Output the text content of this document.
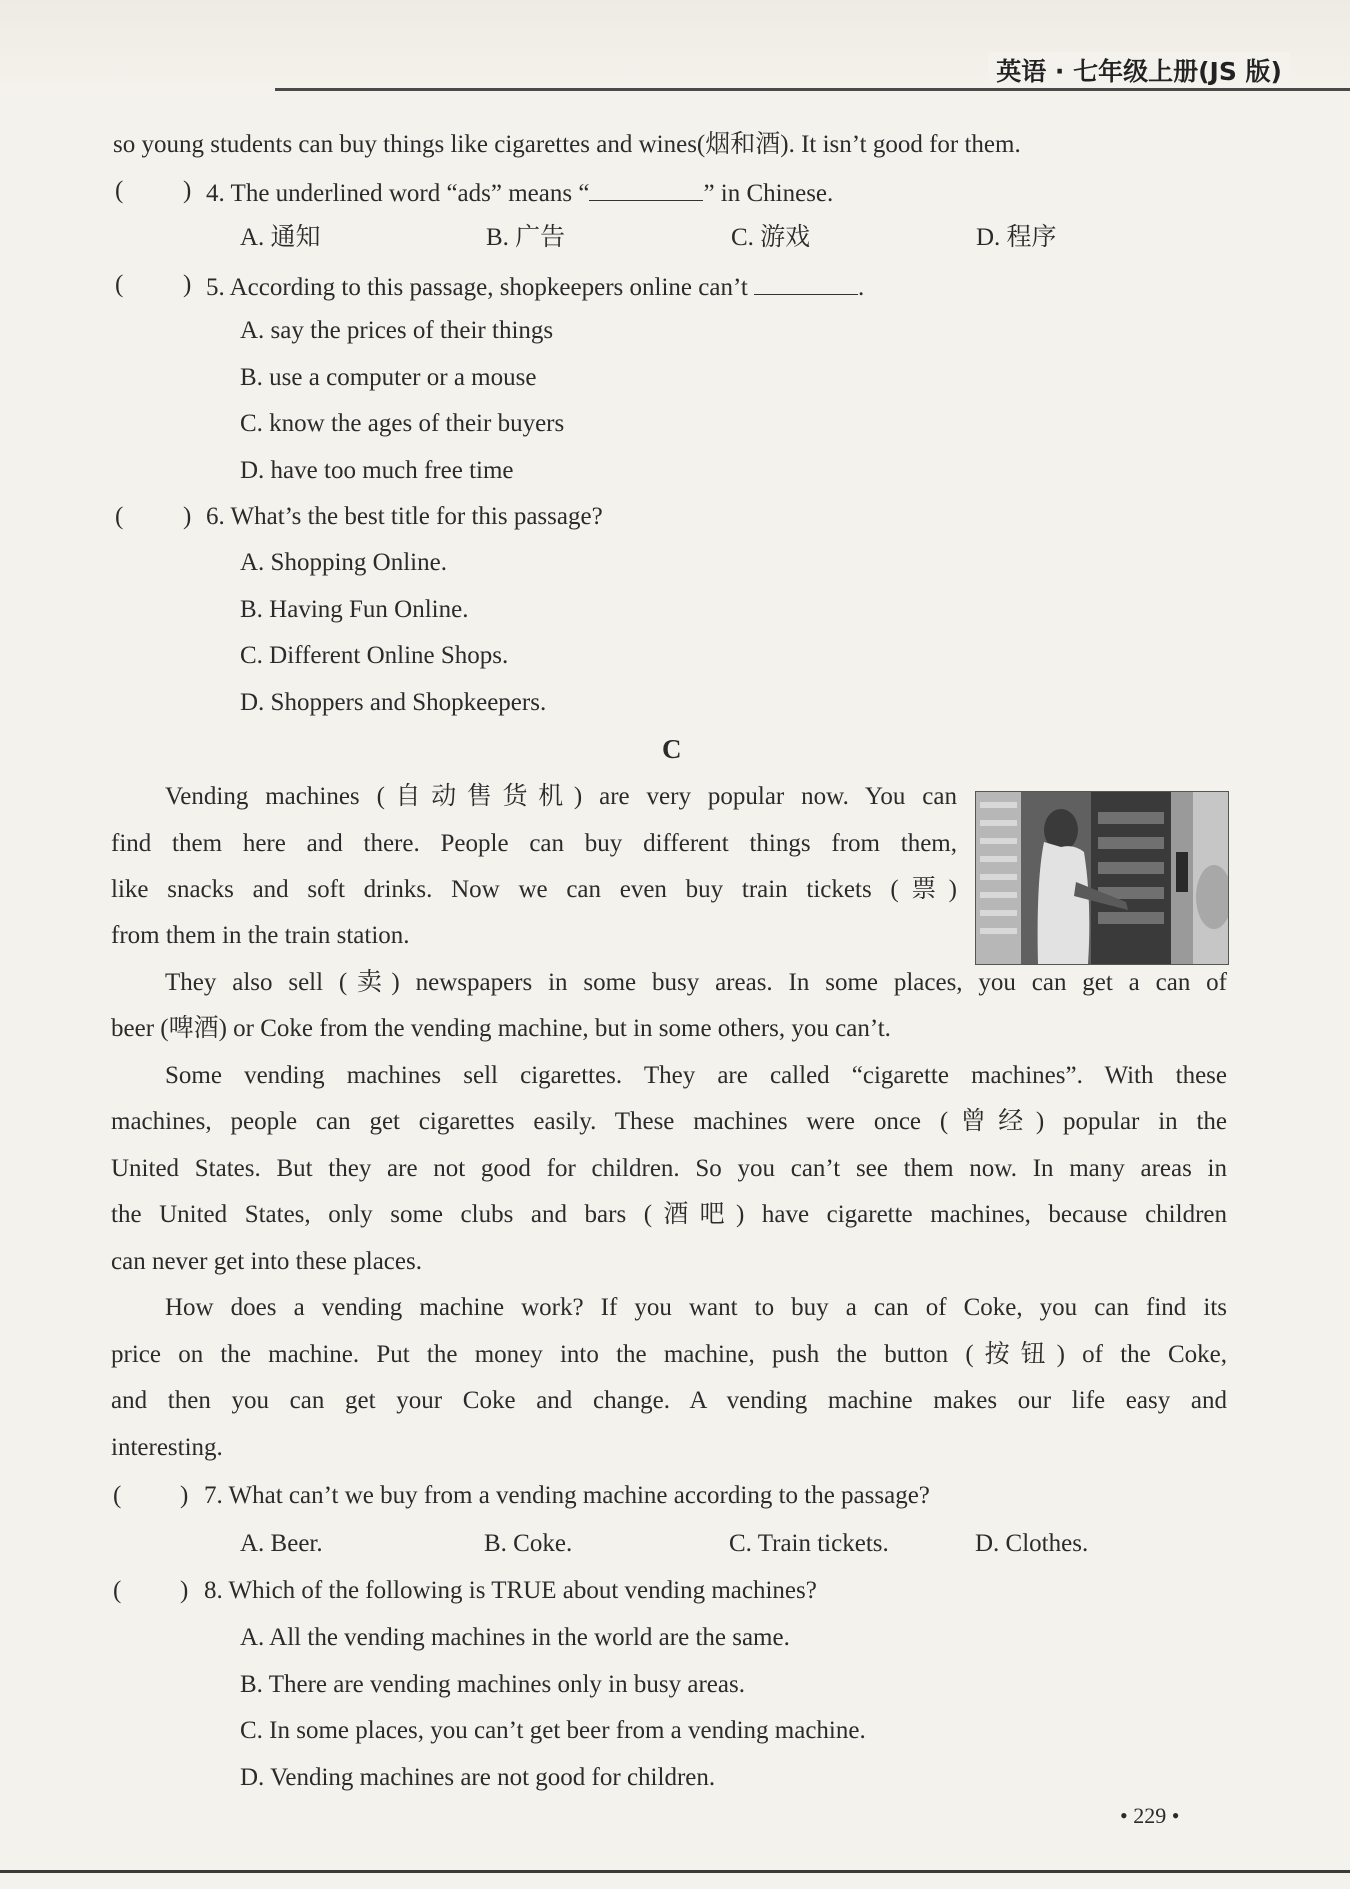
英语 · 七年级上册(JS 版)
so young students can buy things like cigarettes and wines(烟和酒). It isn’t good for them.
( ) 4. The underlined word “ads” means “	” in Chinese.
A. 通知	B. 广告	C. 游戏	D. 程序
( ) 5. According to this passage, shopkeepers online can’t	.
A. say the prices of their things
B. use a computer or a mouse
C. know the ages of their buyers
D. have too much free time
( ) 6. What’s the best title for this passage?
A. Shopping Online.
B. Having Fun Online.
C. Different Online Shops.
D. Shoppers and Shopkeepers.
C
Vending machines (自动售货机) are very popular now. You can
find them here and there. People can buy different things from them,
like snacks and soft drinks. Now we can even buy train tickets (票)
from them in the train station.
They also sell (卖) newspapers in some busy areas. In some places, you can get a can of
beer (啤酒) or Coke from the vending machine, but in some others, you can’t.
Some vending machines sell cigarettes. They are called “cigarette machines”. With these
machines, people can get cigarettes easily. These machines were once (曾经) popular in the
United States. But they are not good for children. So you can’t see them now. In many areas in
the United States, only some clubs and bars (酒吧) have cigarette machines, because children
can never get into these places.
How does a vending machine work? If you want to buy a can of Coke, you can find its
price on the machine. Put the money into the machine, push the button (按钮) of the Coke,
and then you can get your Coke and change. A vending machine makes our life easy and
interesting.
( ) 7. What can’t we buy from a vending machine according to the passage?
A. Beer.	B. Coke.	C. Train tickets.	D. Clothes.
( ) 8. Which of the following is TRUE about vending machines?
A. All the vending machines in the world are the same.
B. There are vending machines only in busy areas.
C. In some places, you can’t get beer from a vending machine.
D. Vending machines are not good for children.
• 229 •
